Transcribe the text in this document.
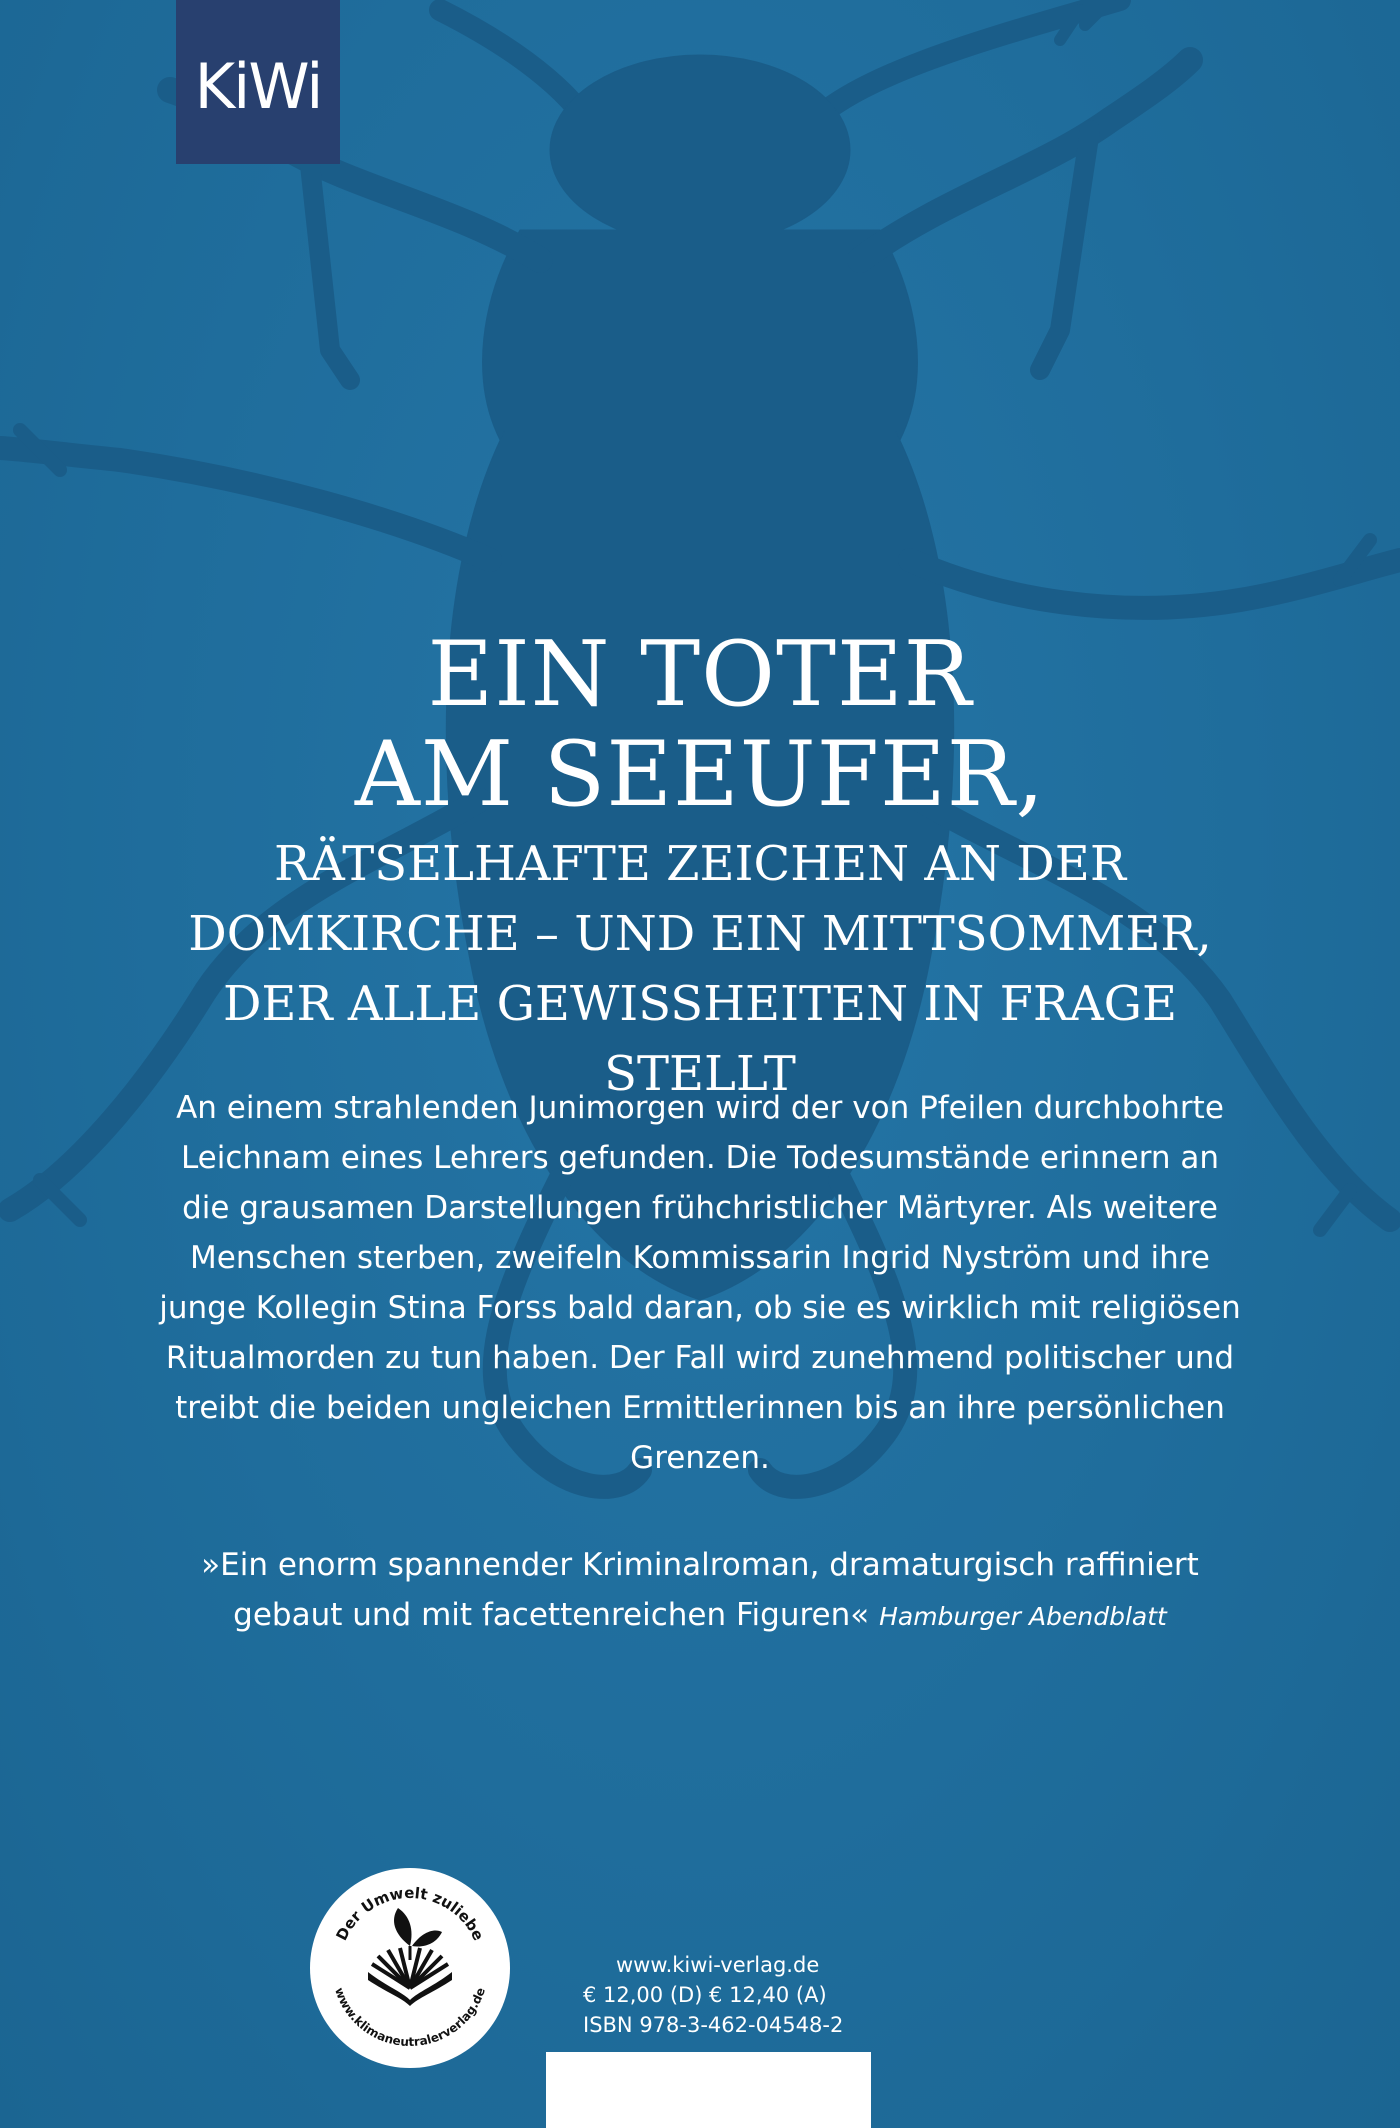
KiWi
EIN TOTER
AM SEEUFER,
RÄTSELHAFTE ZEICHEN AN DER
DOMKIRCHE – UND EIN MITTSOMMER,
DER ALLE GEWISSHEITEN IN FRAGE
STELLT
An einem strahlenden Junimorgen wird der von Pfeilen durchbohrte
Leichnam eines Lehrers gefunden. Die Todesumstände erinnern an
die grausamen Darstellungen frühchristlicher Märtyrer. Als weitere
Menschen sterben, zweifeln Kommissarin Ingrid Nyström und ihre
junge Kollegin Stina Forss bald daran, ob sie es wirklich mit religiösen
Ritualmorden zu tun haben. Der Fall wird zunehmend politischer und
treibt die beiden ungleichen Ermittlerinnen bis an ihre persönlichen
Grenzen.
»Ein enorm spannender Kriminalroman, dramaturgisch raffiniert
gebaut und mit facettenreichen Figuren« Hamburger Abendblatt
Der Umwelt zuliebe
www.klimaneutralerverlag.de
www.kiwi-verlag.de
€ 12,00 (D) € 12,40 (A)
ISBN 978-3-462-04548-2
